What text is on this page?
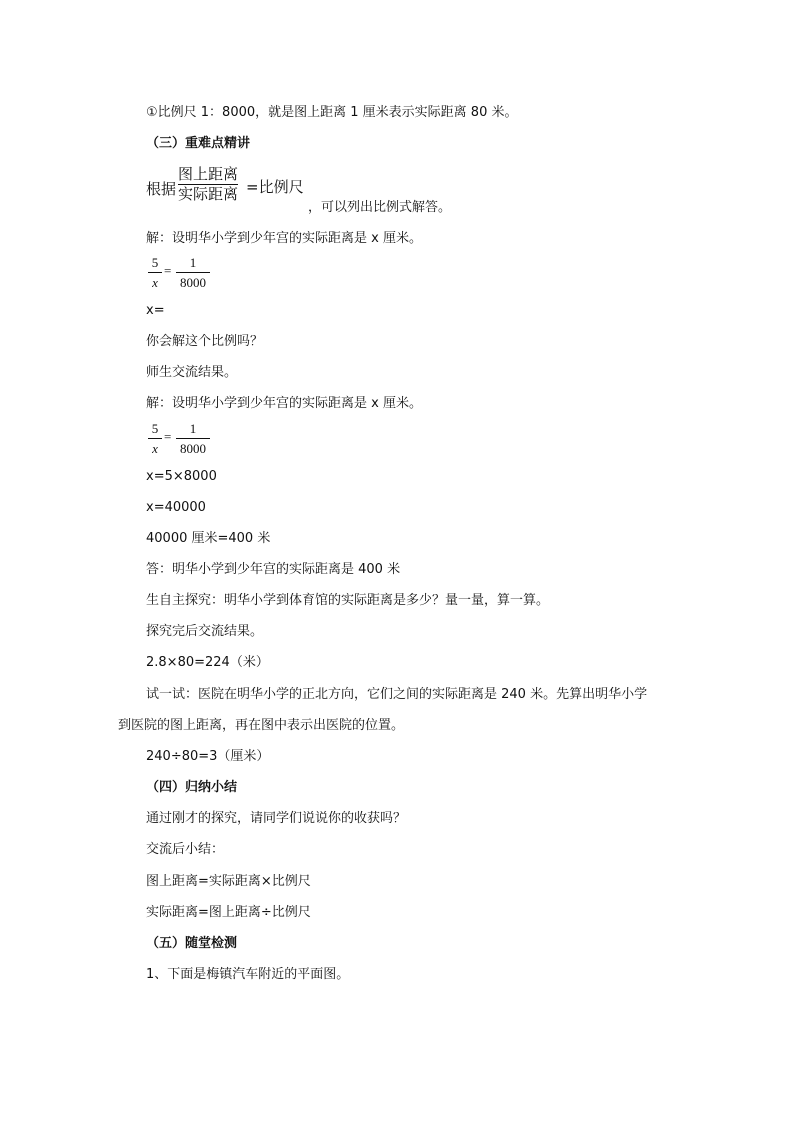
①比例尺 1：8000，就是图上距离 1 厘米表示实际距离 80 米。
（三）重难点精讲
根据
图上距离
实际距离 =比例尺
，可以列出比例式解答。
解：设明华小学到少年宫的实际距离是 x 厘米。
5
x
=
1
8000
x=
你会解这个比例吗？
师生交流结果。
解：设明华小学到少年宫的实际距离是 x 厘米。
5
x
=
1
8000
x=5×8000
x=40000
40000 厘米=400 米
答：明华小学到少年宫的实际距离是 400 米
生自主探究：明华小学到体育馆的实际距离是多少？量一量，算一算。
探究完后交流结果。
2.8×80=224（米）
试一试：医院在明华小学的正北方向，它们之间的实际距离是 240 米。先算出明华小学
到医院的图上距离，再在图中表示出医院的位置。
240÷80=3（厘米）
（四）归纳小结
通过刚才的探究，请同学们说说你的收获吗？
交流后小结：
图上距离=实际距离×比例尺
实际距离=图上距离÷比例尺
（五）随堂检测
1、下面是梅镇汽车附近的平面图。
